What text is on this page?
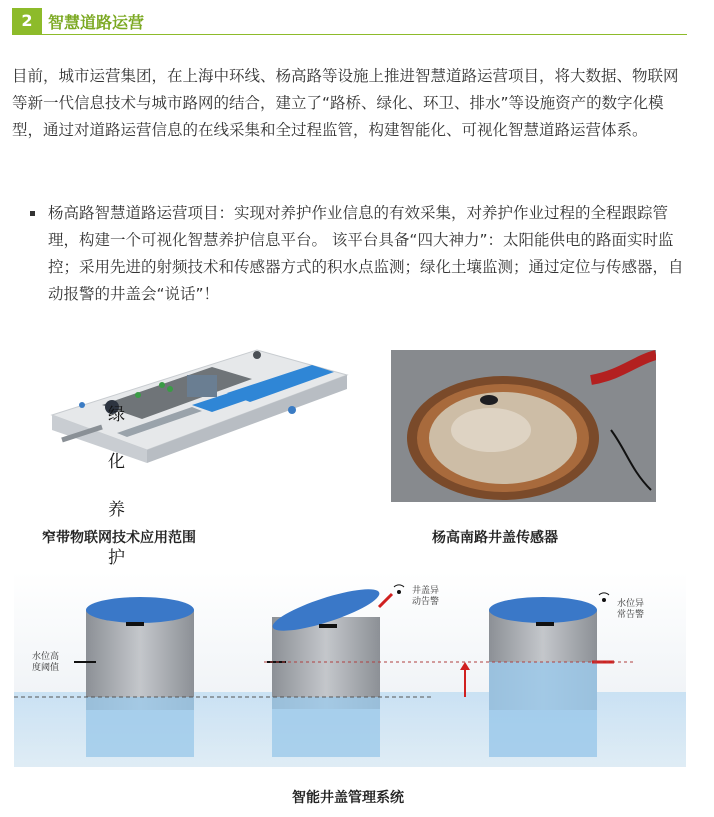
2 智慧道路运营
目前，城市运营集团，在上海中环线、杨高路等设施上推进智慧道路运营项目，将大数据、物联网等新一代信息技术与城市路网的结合，建立了“路桥、绿化、环卫、排水”等设施资产的数字化模型，通过对道路运营信息的在线采集和全过程监管，构建智能化、可视化智慧道路运营体系。
杨高路智慧道路运营项目：实现对养护作业信息的有效采集，对养护作业过程的全程跟踪管理，构建一个可视化智慧养护信息平台。 该平台具备“四大神力”：太阳能供电的路面实时监控；采用先进的射频技术和传感器方式的积水点监测；绿化土壤监测；通过定位与传感器，自动报警的井盖会“说话”！
绿
化
养
护
窄带物联网技术应用范围	杨高南路井盖传感器
水位高
度阈值
井盖异
动告警	水位异
常告警
智能井盖管理系统
